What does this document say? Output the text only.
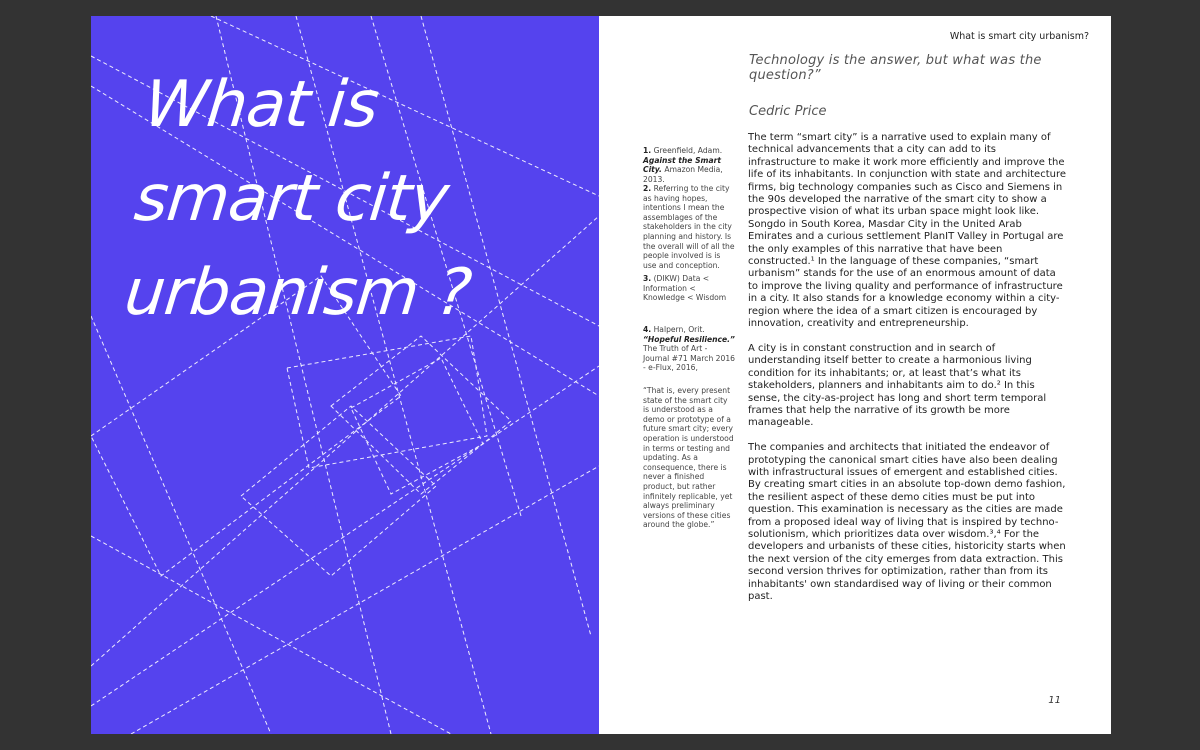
What is
smart city
urbanism ?
What is smart city urbanism?
Technology is the answer, but what was the question?”
Cedric Price
1. Greenfield, Adam. Against the Smart City. Amazon Media, 2013.
2. Referring to the city as having hopes, intentions I mean the assemblages of the stakeholders in the city planning and history. Is the overall will of all the people involved is is use and conception.
3. (DIKW) Data < Information < Knowledge < Wisdom
4. Halpern, Orit. “Hopeful Resilience.” The Truth of Art - Journal #71 March 2016 - e-Flux, 2016,
“That is, every present state of the smart city is understood as a demo or prototype of a future smart city; every operation is understood in terms or testing and updating. As a consequence, there is never a finished product, but rather infinitely replicable, yet always preliminary versions of these cities around the globe.”

The term “smart city” is a narrative used to explain many of technical advancements that a city can add to its infrastructure to make it work more efficiently and improve the life of its inhabitants. In conjunction with state and architecture firms, big technology companies such as Cisco and Siemens in the 90s developed the narrative of the smart city to show a prospective vision of what its urban space might look like. Songdo in South Korea, Masdar City in the United Arab Emirates and a curious settlement PlanIT Valley in Portugal are the only examples of this narrative that have been constructed.¹ In the language of these companies, “smart urbanism” stands for the use of an enormous amount of data to improve the living quality and performance of infrastructure in a city. It also stands for a knowledge economy within a city-region where the idea of a smart citizen is encouraged by innovation, creativity and entrepreneurship.

A city is in constant construction and in search of understanding itself better to create a harmonious living condition for its inhabitants; or, at least that’s what its stakeholders, planners and inhabitants aim to do.² In this sense, the city-as-project has long and short term temporal frames that help the narrative of its growth be more manageable.

The companies and architects that initiated the endeavor of prototyping the canonical smart cities have also been dealing with infrastructural issues of emergent and established cities. By creating smart cities in an absolute top-down demo fashion, the resilient aspect of these demo cities must be put into question. This examination is necessary as the cities are made from a proposed ideal way of living that is inspired by techno-solutionism, which prioritizes data over wisdom.³,⁴ For the developers and urbanists of these cities, historicity starts when the next version of the city emerges from data extraction. This second version thrives for optimization, rather than from its inhabitants' own standardised way of living or their common past.

11
